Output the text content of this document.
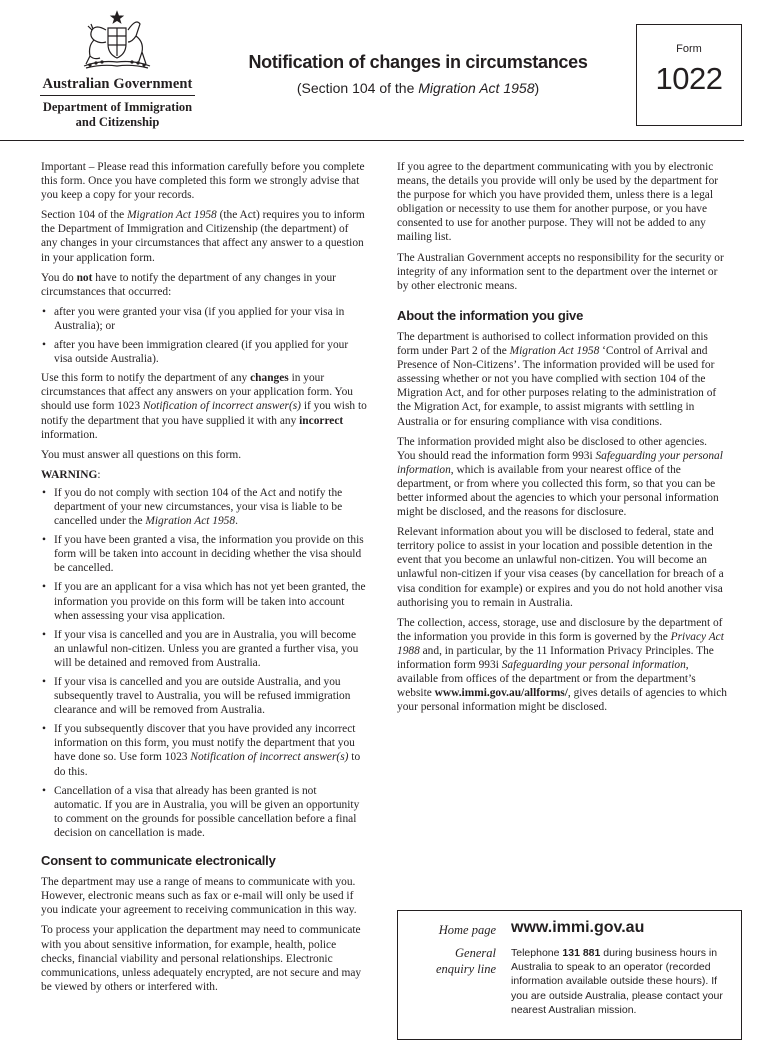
Australian Government
Department of Immigration
and Citizenship
Notification of changes in circumstances
(Section 104 of the Migration Act 1958)
Form
1022

Important – Please read this information carefully before you complete this form. Once you have completed this form we strongly advise that you keep a copy for your records.

Section 104 of the Migration Act 1958 (the Act) requires you to inform the Department of Immigration and Citizenship (the department) of any changes in your circumstances that affect any answer to a question in your application form.

You do not have to notify the department of any changes in your circumstances that occurred:

• after you were granted your visa (if you applied for your visa in Australia); or
• after you have been immigration cleared (if you applied for your visa outside Australia).

Use this form to notify the department of any changes in your circumstances that affect any answers on your application form. You should use form 1023 Notification of incorrect answer(s) if you wish to notify the department that you have supplied it with any incorrect information.

You must answer all questions on this form.

WARNING:

• If you do not comply with section 104 of the Act and notify the department of your new circumstances, your visa is liable to be cancelled under the Migration Act 1958.
• If you have been granted a visa, the information you provide on this form will be taken into account in deciding whether the visa should be cancelled.
• If you are an applicant for a visa which has not yet been granted, the information you provide on this form will be taken into account when assessing your visa application.
• If your visa is cancelled and you are in Australia, you will become an unlawful non-citizen. Unless you are granted a further visa, you will be detained and removed from Australia.
• If your visa is cancelled and you are outside Australia, and you subsequently travel to Australia, you will be refused immigration clearance and will be removed from Australia.
• If you subsequently discover that you have provided any incorrect information on this form, you must notify the department that you have done so. Use form 1023 Notification of incorrect answer(s) to do this.
• Cancellation of a visa that already has been granted is not automatic. If you are in Australia, you will be given an opportunity to comment on the grounds for possible cancellation before a final decision on cancellation is made.
Consent to communicate electronically

The department may use a range of means to communicate with you. However, electronic means such as fax or e-mail will only be used if you indicate your agreement to receiving communication in this way.

To process your application the department may need to communicate with you about sensitive information, for example, health, police checks, financial viability and personal relationships. Electronic communications, unless adequately encrypted, are not secure and may be viewed by others or interfered with.

If you agree to the department communicating with you by electronic means, the details you provide will only be used by the department for the purpose for which you have provided them, unless there is a legal obligation or necessity to use them for another purpose, or you have consented to use for another purpose. They will not be added to any mailing list.

The Australian Government accepts no responsibility for the security or integrity of any information sent to the department over the internet or by other electronic means.

About the information you give

The department is authorised to collect information provided on this form under Part 2 of the Migration Act 1958 ‘Control of Arrival and Presence of Non-Citizens’. The information provided will be used for assessing whether or not you have complied with section 104 of the Migration Act, and for other purposes relating to the administration of the Migration Act, for example, to assist migrants with settling in Australia or for ensuring compliance with visa conditions.

The information provided might also be disclosed to other agencies. You should read the information form 993i Safeguarding your personal information, which is available from your nearest office of the department, or from where you collected this form, so that you can be better informed about the agencies to which your personal information might be disclosed, and the reasons for disclosure.

Relevant information about you will be disclosed to federal, state and territory police to assist in your location and possible detention in the event that you become an unlawful non-citizen. You will become an unlawful non-citizen if your visa ceases (by cancellation for breach of a visa condition for example) or expires and you do not hold another visa authorising you to remain in Australia.

The collection, access, storage, use and disclosure by the department of the information you provide in this form is governed by the Privacy Act 1988 and, in particular, by the 11 Information Privacy Principles. The information form 993i Safeguarding your personal information, available from offices of the department or from the department’s website www.immi.gov.au/allforms/, gives details of agencies to which your personal information might be disclosed.

Home page www.immi.gov.au
General
enquiry line
Telephone 131 881 during business hours in Australia to speak to an operator (recorded information available outside these hours). If you are outside Australia, please contact your nearest Australian mission.
